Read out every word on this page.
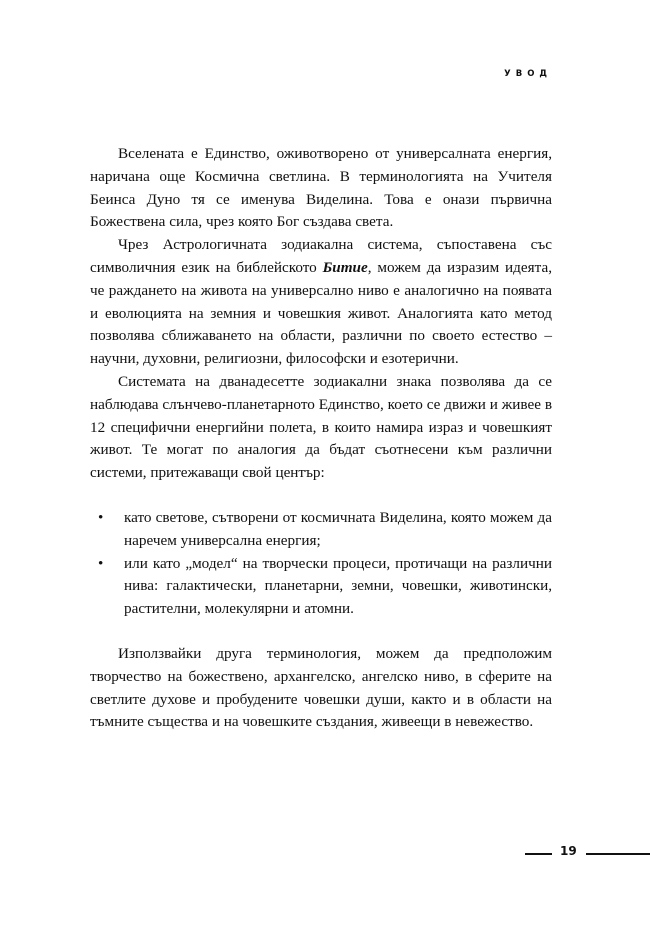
УВОД

Вселената е Единство, оживотворено от универсалната енергия, наричана още Космична светлина. В терминологията на Учителя Беинса Дуно тя се именува Виделина. Това е онази първична Божествена сила, чрез която Бог създава света.

Чрез Астрологичната зодиакална система, съпоставена със символичния език на библейското Битие, можем да изразим идеята, че раждането на живота на универсално ниво е аналогично на появата и еволюцията на земния и човешкия живот. Аналогията като метод позволява сближаването на области, различни по своето естество – научни, духовни, религиозни, философски и езотерични.

Системата на дванадесетте зодиакални знака позволява да се наблюдава слънчево-планетарното Единство, което се движи и живее в 12 специфични енергийни полета, в които намира израз и човешкият живот. Те могат по аналогия да бъдат съотнесени към различни системи, притежаващи свой център:

• като светове, сътворени от космичната Виделина, която можем да наречем универсална енергия;
• или като „модел“ на творчески процеси, протичащи на различни нива: галактически, планетарни, земни, човешки, животински, растителни, молекулярни и атомни.

Използвайки друга терминология, можем да предположим творчество на божествено, архангелско, ангелско ниво, в сферите на светлите духове и пробудените човешки души, както и в области на тъмните същества и на човешките създания, живеещи в невежество.

19
